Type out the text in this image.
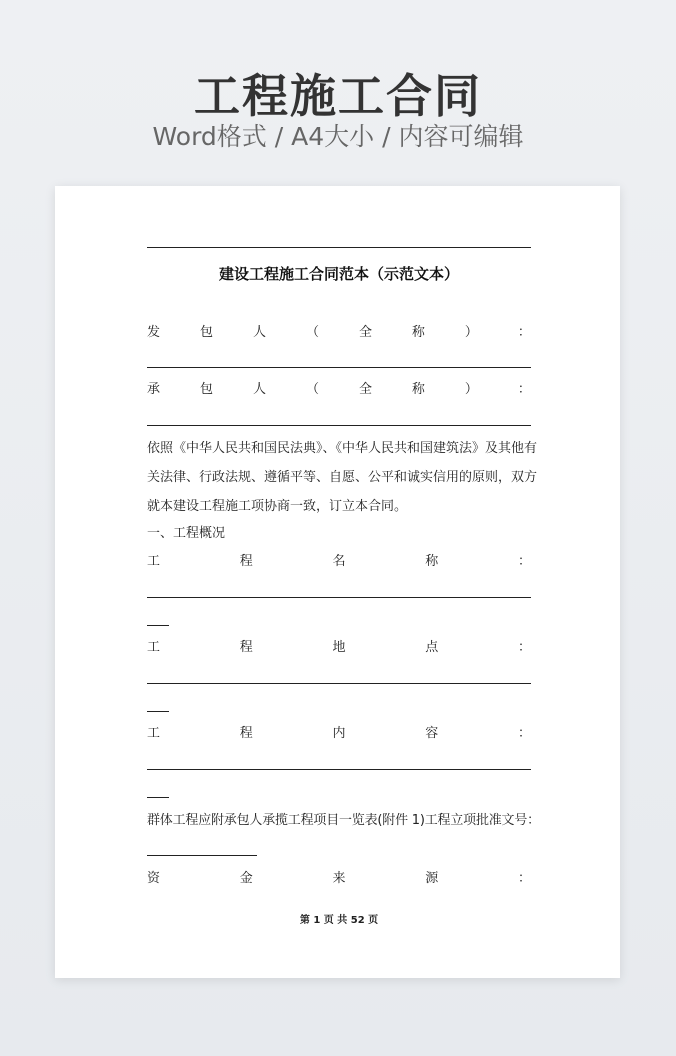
工程施工合同
Word格式 / A4大小 / 内容可编辑
建设工程施工合同范本（示范文本）
发	包	人	（	全	称	）	：
承	包	人	（	全	称	）	：
依照《中华人民共和国民法典》、《中华人民共和国建筑法》及其他有
关法律、行政法规、遵循平等、自愿、公平和诚实信用的原则，双方
就本建设工程施工项协商一致，订立本合同。
一、工程概况
工	程	名	称	：
工	程	地	点	：
工	程	内	容	：
群体工程应附承包人承揽工程项目一览表(附件 1)工程立项批准文号：
资	金	来	源	：
第 1 页 共 52 页
